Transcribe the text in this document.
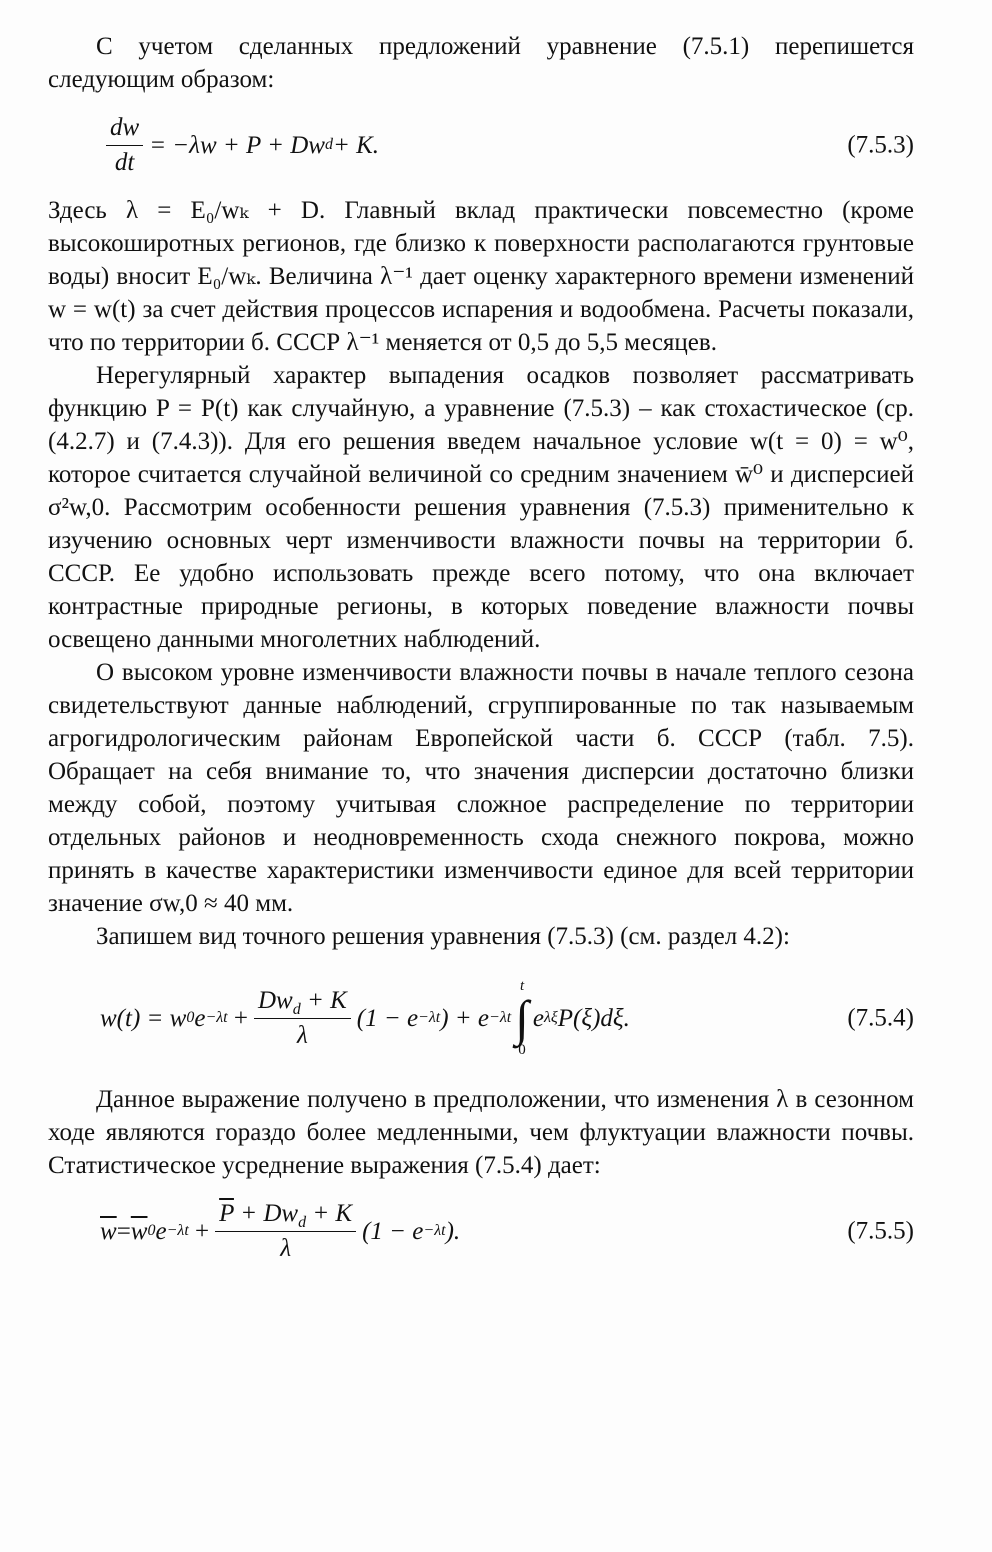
С учетом сделанных предложений уравнение (7.5.1) перепишется следующим образом:

$\frac{dw}{dt} = -\lambda w + P + Dw$ d + K.	(7.5.3)

Здесь λ = E₀/wₖ + D. Главный вклад практически повсеместно (кроме высокоширотных регионов, где близко к поверхности располагаются грунтовые воды) вносит E₀/wₖ. Величина λ⁻¹ дает оценку характерного времени изменений w = w(t) за счет действия процессов испарения и водообмена. Расчеты показали, что по территории б. СССР λ⁻¹ меняется от 0,5 до 5,5 месяцев.

Нерегулярный характер выпадения осадков позволяет рассматривать функцию P = P(t) как случайную, а уравнение (7.5.3) – как стохастическое (ср. (4.2.7) и (7.4.3)). Для его решения введем начальное условие w(t = 0) = w⁰, которое считается случайной величиной со средним значением w̄⁰ и дисперсией σ²w,0. Рассмотрим особенности решения уравнения (7.5.3) применительно к изучению основных черт изменчивости влажности почвы на территории б. СССР. Ее удобно использовать прежде всего потому, что она включает контрастные природные регионы, в которых поведение влажности почвы освещено данными многолетних наблюдений.

О высоком уровне изменчивости влажности почвы в начале теплого сезона свидетельствуют данные наблюдений, сгруппированные по так называемым агрогидрологическим районам Европейской части б. СССР (табл. 7.5). Обращает на себя внимание то, что значения дисперсии достаточно близки между собой, поэтому учитывая сложное распределение по территории отдельных районов и неодновременность схода снежного покрова, можно принять в качестве характеристики изменчивости единое для всей территории значение σw,0 ≈ 40 мм.

Запишем вид точного решения уравнения (7.5.3) (см. раздел 4.2):

w(t) = w 0 $e -\lambda t + \frac{Dw_d + K}{\lambda} (1 - e -\lambda t$ ) + e −λt
t
∫
0
e λξ P(ξ)dξ.	(7.5.4)

Данное выражение получено в предположении, что изменения λ в сезонном ходе являются гораздо более медленными, чем флуктуации влажности почвы. Статистическое усреднение выражения (7.5.4) дает:

$\overline{w} = \overline{w}$ 0 $e -\lambda t + \frac{\overline{P} + Dw_d + K}{\lambda} (1 - e -\lambda t$ ).	(7.5.5)
